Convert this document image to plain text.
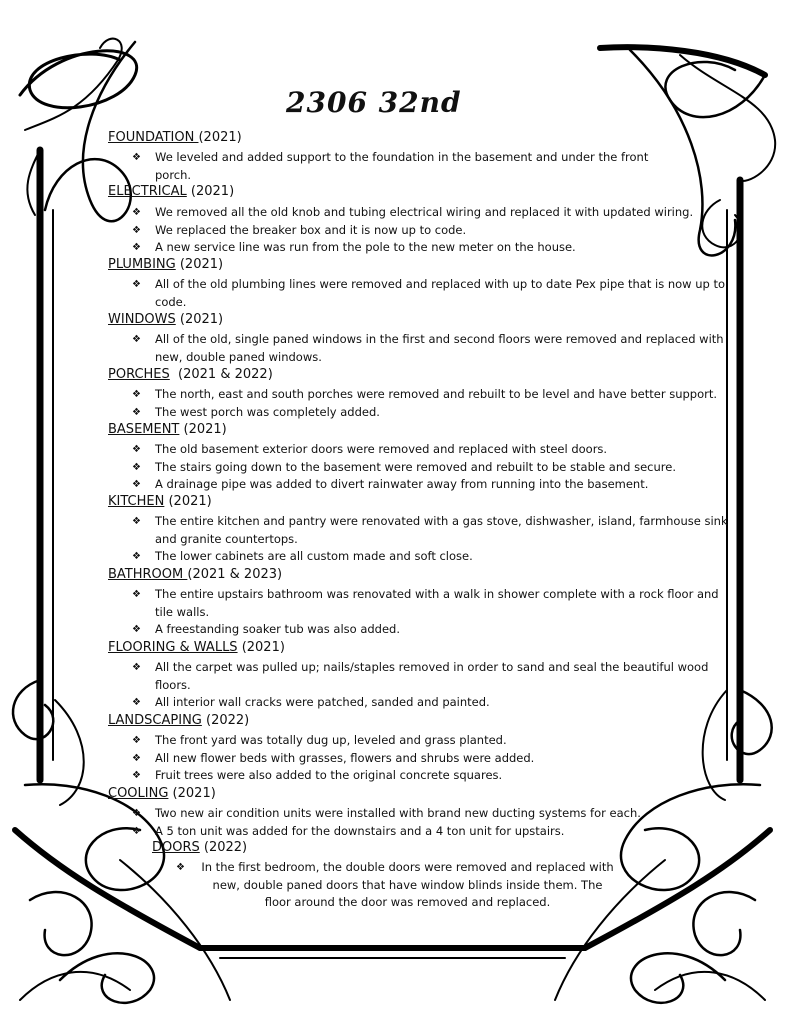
2306 32nd
FOUNDATION (2021)
❖ We leveled and added support to the foundation in the basement and under the front porch.
ELECTRICAL (2021)
❖ We removed all the old knob and tubing electrical wiring and replaced it with updated wiring.
❖ We replaced the breaker box and it is now up to code.
❖ A new service line was run from the pole to the new meter on the house.
PLUMBING (2021)
❖ All of the old plumbing lines were removed and replaced with up to date Pex pipe that is now up to code.
WINDOWS (2021)
❖ All of the old, single paned windows in the first and second floors were removed and replaced with new, double paned windows.
PORCHES  (2021 & 2022)
❖ The north, east and south porches were removed and rebuilt to be level and have better support.
❖ The west porch was completely added.
BASEMENT (2021)
❖ The old basement exterior doors were removed and replaced with steel doors.
❖ The stairs going down to the basement were removed and rebuilt to be stable and secure.
❖ A drainage pipe was added to divert rainwater away from running into the basement.
KITCHEN (2021)
❖ The entire kitchen and pantry were renovated with a gas stove, dishwasher, island, farmhouse sink and granite countertops.
❖ The lower cabinets are all custom made and soft close.
BATHROOM (2021 & 2023)
❖ The entire upstairs bathroom was renovated with a walk in shower complete with a rock floor and tile walls.
❖ A freestanding soaker tub was also added.
FLOORING & WALLS (2021)
❖ All the carpet was pulled up; nails/staples removed in order to sand and seal the beautiful wood floors.
❖ All interior wall cracks were patched, sanded and painted.
LANDSCAPING (2022)
❖ The front yard was totally dug up, leveled and grass planted.
❖ All new flower beds with grasses, flowers and shrubs were added.
❖ Fruit trees were also added to the original concrete squares.
COOLING (2021)
❖ Two new air condition units were installed with brand new ducting systems for each.
❖ A 5 ton unit was added for the downstairs and a 4 ton unit for upstairs.
DOORS (2022)
❖ In the first bedroom, the double doors were removed and replaced with new, double paned doors that have window blinds inside them. The floor around the door was removed and replaced.
